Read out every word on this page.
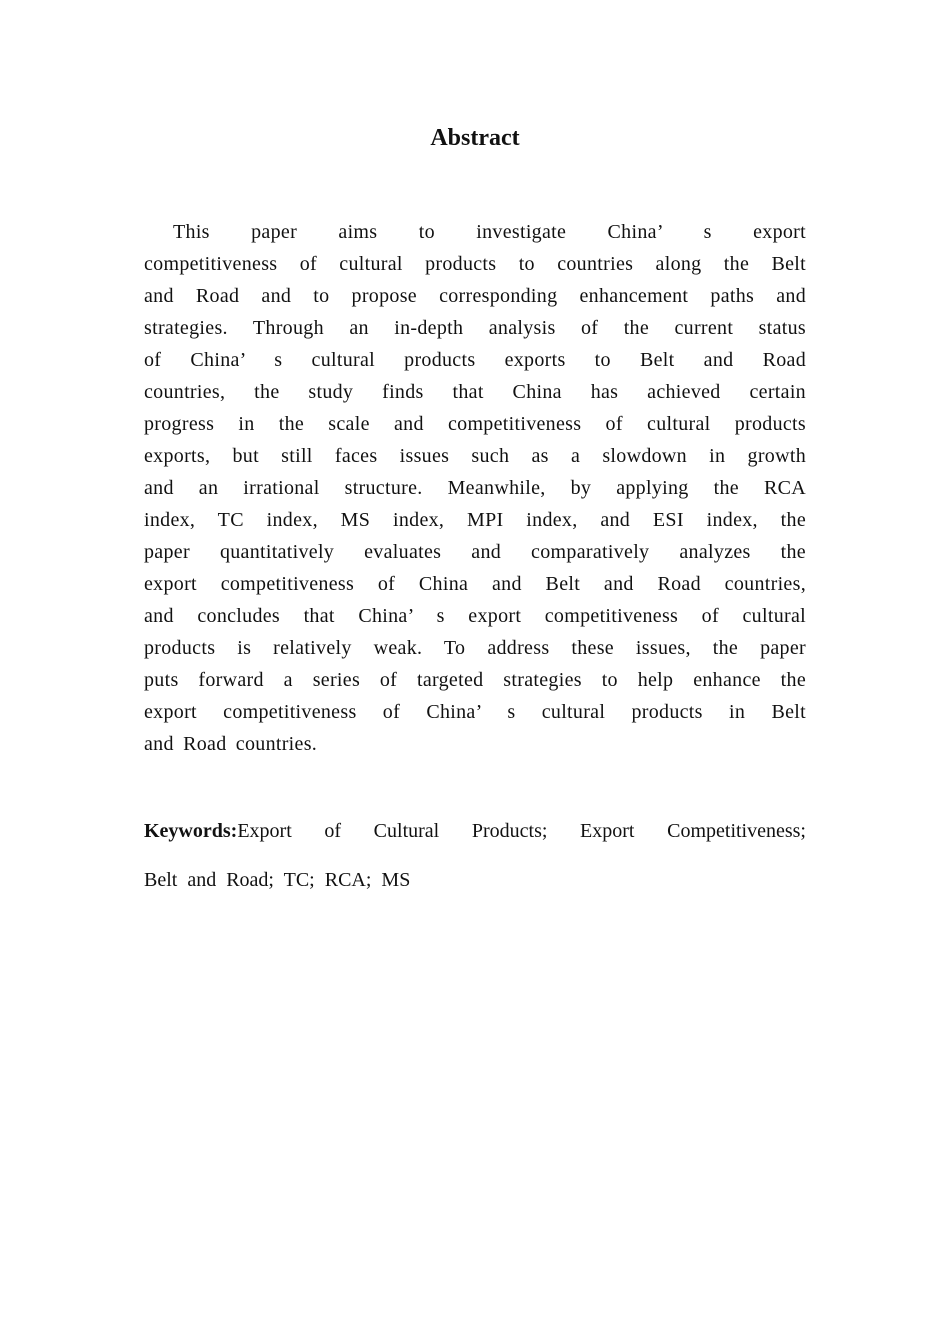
Abstract
This paper aims to investigate China’ s export
competitiveness of cultural products to countries along the Belt
and Road and to propose corresponding enhancement paths and
strategies. Through an in-depth analysis of the current status
of China’ s cultural products exports to Belt and Road
countries, the study finds that China has achieved certain
progress in the scale and competitiveness of cultural products
exports, but still faces issues such as a slowdown in growth
and an irrational structure. Meanwhile, by applying the RCA
index, TC index, MS index, MPI index, and ESI index, the
paper quantitatively evaluates and comparatively analyzes the
export competitiveness of China and Belt and Road countries,
and concludes that China’ s export competitiveness of cultural
products is relatively weak. To address these issues, the paper
puts forward a series of targeted strategies to help enhance the
export competitiveness of China’ s cultural products in Belt
and Road countries.
Keywords:Export of Cultural Products; Export Competitiveness;
Belt and Road; TC; RCA; MS
